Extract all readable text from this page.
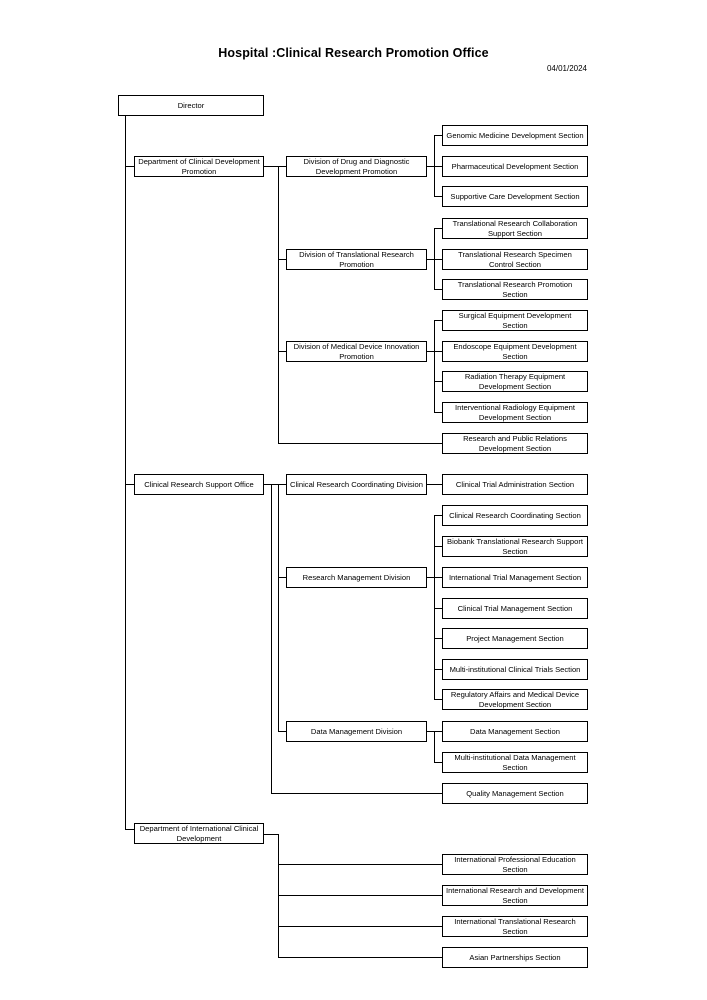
Hospital :Clinical Research Promotion Office
04/01/2024
Director
Department of Clinical Development Promotion
Clinical Research Support Office
Department of International Clinical Development
Division of Drug and Diagnostic Development Promotion
Division of Translational Research Promotion
Division of Medical Device Innovation Promotion
Clinical Research Coordinating Division
Research Management Division
Data Management Division
Genomic Medicine Development Section
Pharmaceutical Development Section
Supportive Care Development Section
Translational Research Collaboration Support Section
Translational Research Specimen Control Section
Translational Research Promotion Section
Surgical Equipment Development Section
Endoscope Equipment Development Section
Radiation Therapy Equipment Development Section
Interventional Radiology Equipment Development Section
Research and Public Relations Development Section
Clinical Trial Administration Section
Clinical Research Coordinating Section
Biobank Translational Research Support Section
International Trial Management Section
Clinical Trial Management Section
Project Management Section
Multi-institutional Clinical Trials Section
Regulatory Affairs and Medical Device Development Section
Data Management Section
Multi-institutional Data Management Section
Quality Management Section
International Professional Education Section
International Research and Development Section
International Translational Research Section
Asian Partnerships Section
